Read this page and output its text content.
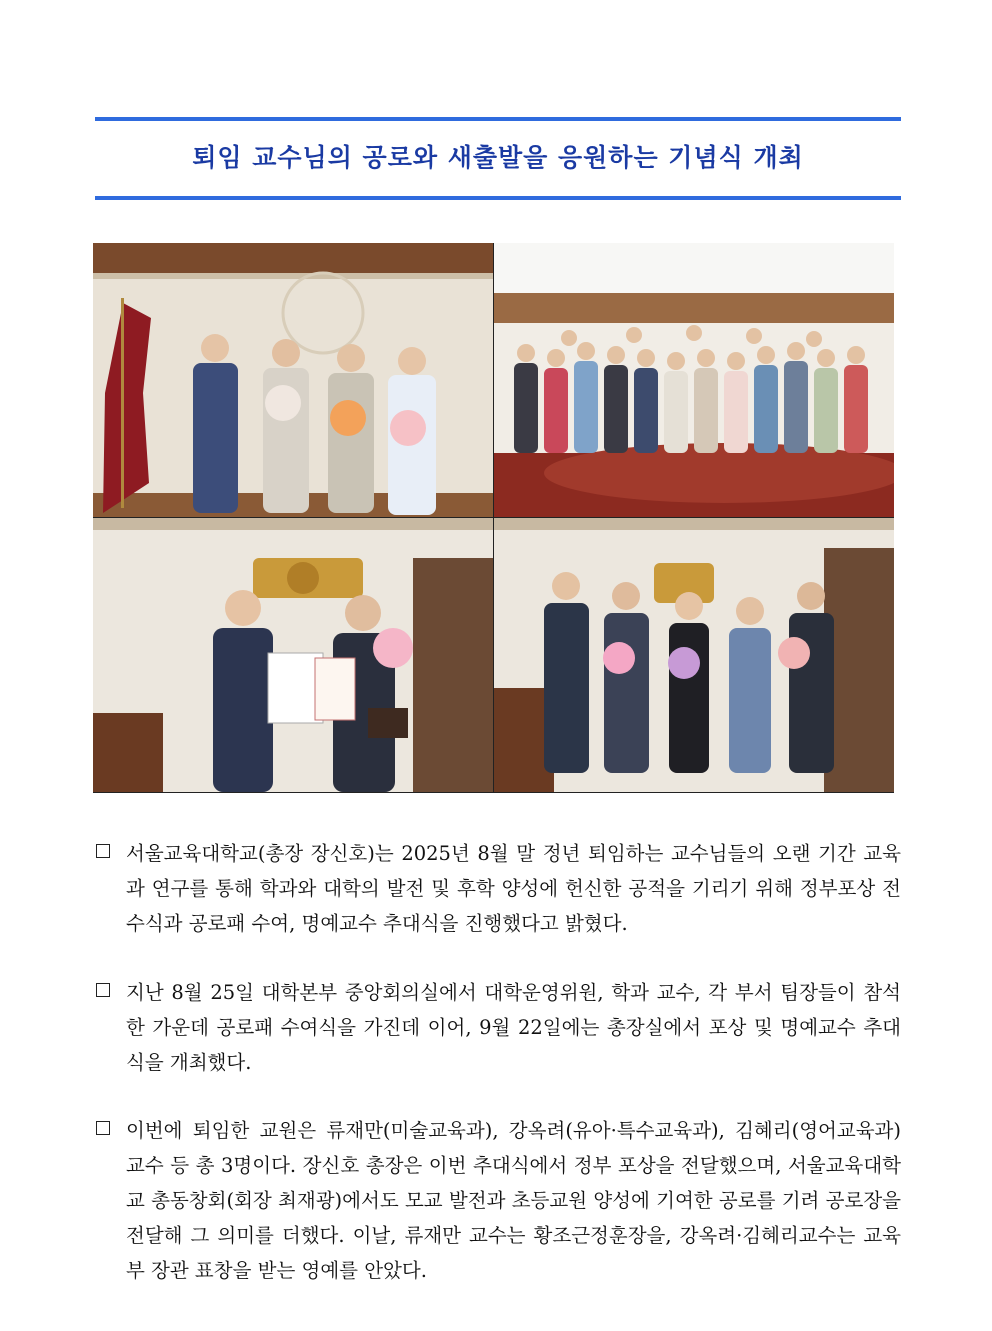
퇴임 교수님의 공로와 새출발을 응원하는 기념식 개최
서울교육대학교(총장 장신호)는 2025년 8월 말 정년 퇴임하는 교수님들의 오랜 기간 교육과 연구를 통해 학과와 대학의 발전 및 후학 양성에 헌신한 공적을 기리기 위해 정부포상 전수식과 공로패 수여, 명예교수 추대식을 진행했다고 밝혔다.
지난 8월 25일 대학본부 중앙회의실에서 대학운영위원, 학과 교수, 각 부서 팀장들이 참석한 가운데 공로패 수여식을 가진데 이어, 9월 22일에는 총장실에서 포상 및 명예교수 추대식을 개최했다.
이번에 퇴임한 교원은 류재만(미술교육과), 강옥려(유아·특수교육과), 김혜리(영어교육과) 교수 등 총 3명이다. 장신호 총장은 이번 추대식에서 정부 포상을 전달했으며, 서울교육대학교 총동창회(회장 최재광)에서도 모교 발전과 초등교원 양성에 기여한 공로를 기려 공로장을 전달해 그 의미를 더했다. 이날, 류재만 교수는 황조근정훈장을, 강옥려·김혜리교수는 교육부 장관 표창을 받는 영예를 안았다.
